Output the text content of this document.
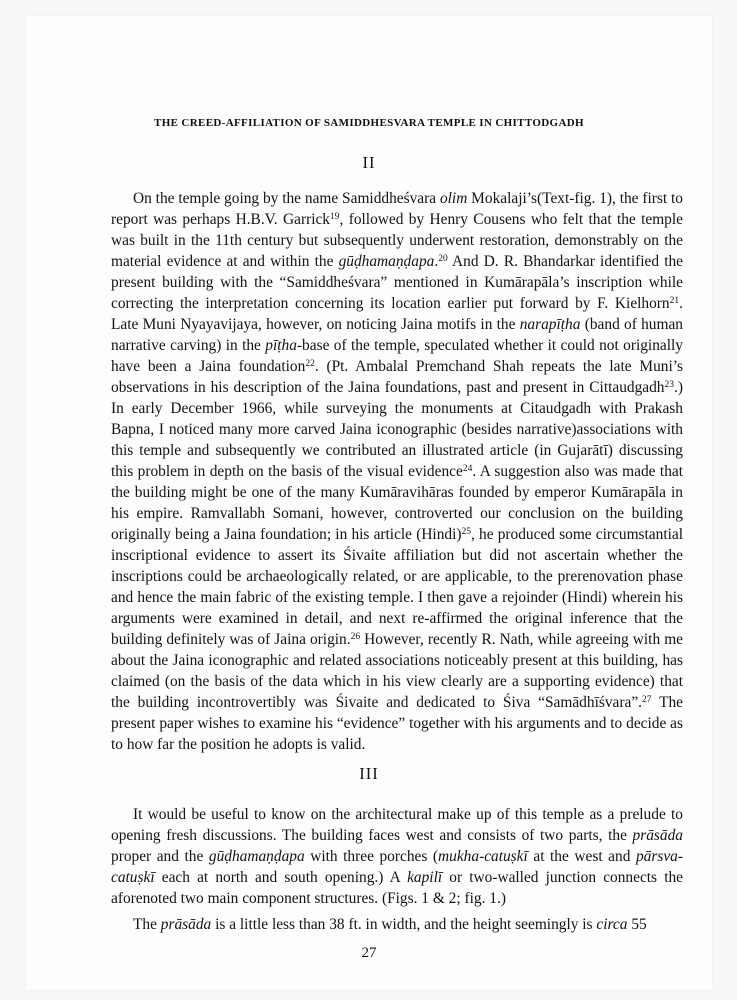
THE CREED-AFFILIATION OF SAMIDDHESVARA TEMPLE IN CHITTODGADH
II

On the temple going by the name Samiddheśvara olim Mokalaji’s(Text-fig. 1), the first to report was perhaps H.B.V. Garrick$^{19}$, followed by Henry Cousens who felt that the temple was built in the 11th century but subsequently underwent restoration, demonstrably on the material evidence at and within the gūḍhamaṇḍapa.$^{20}$ And D. R. Bhandarkar identified the present building with the “Samiddheśvara” mentioned in Kumārapāla’s inscription while correcting the interpretation concerning its location earlier put forward by F. Kielhorn$^{21}$. Late Muni Nyayavijaya, however, on noticing Jaina motifs in the narapīṭha (band of human narrative carving) in the pīṭha-base of the temple, speculated whether it could not originally have been a Jaina foundation$^{22}$. (Pt. Ambalal Premchand Shah repeats the late Muni’s observations in his description of the Jaina foundations, past and present in Cittaudgadh$^{23}$.) In early December 1966, while surveying the monuments at Citaudgadh with Prakash Bapna, I noticed many more carved Jaina iconographic (besides narrative)associations with this temple and subsequently we contributed an illustrated article (in Gujarātī) discussing this problem in depth on the basis of the visual evidence$^{24}$. A suggestion also was made that the building might be one of the many Kumāravihāras founded by emperor Kumārapāla in his empire. Ramvallabh Somani, however, controverted our conclusion on the building originally being a Jaina foundation; in his article (Hindi)$^{25}$, he produced some circumstantial inscriptional evidence to assert its Śivaite affiliation but did not ascertain whether the inscriptions could be archaeologically related, or are applicable, to the prerenovation phase and hence the main fabric of the existing temple. I then gave a rejoinder (Hindi) wherein his arguments were examined in detail, and next re-affirmed the original inference that the building definitely was of Jaina origin.$^{26}$ However, recently R. Nath, while agreeing with me about the Jaina iconographic and related associations noticeably present at this building, has claimed (on the basis of the data which in his view clearly are a supporting evidence) that the building incontrovertibly was Śivaite and dedicated to Śiva “Samādhīśvara”.$^{27}$ The present paper wishes to examine his “evidence” together with his arguments and to decide as to how far the position he adopts is valid.

III

It would be useful to know on the architectural make up of this temple as a prelude to opening fresh discussions. The building faces west and consists of two parts, the prāsāda proper and the gūḍhamaṇḍapa with three porches (mukha-catuṣkī at the west and pārsva-catuṣkī each at north and south opening.) A kapilī or two-walled junction connects the aforenoted two main component structures. (Figs. 1 & 2; fig. 1.)

The prāsāda is a little less than 38 ft. in width, and the height seemingly is circa 55

27
